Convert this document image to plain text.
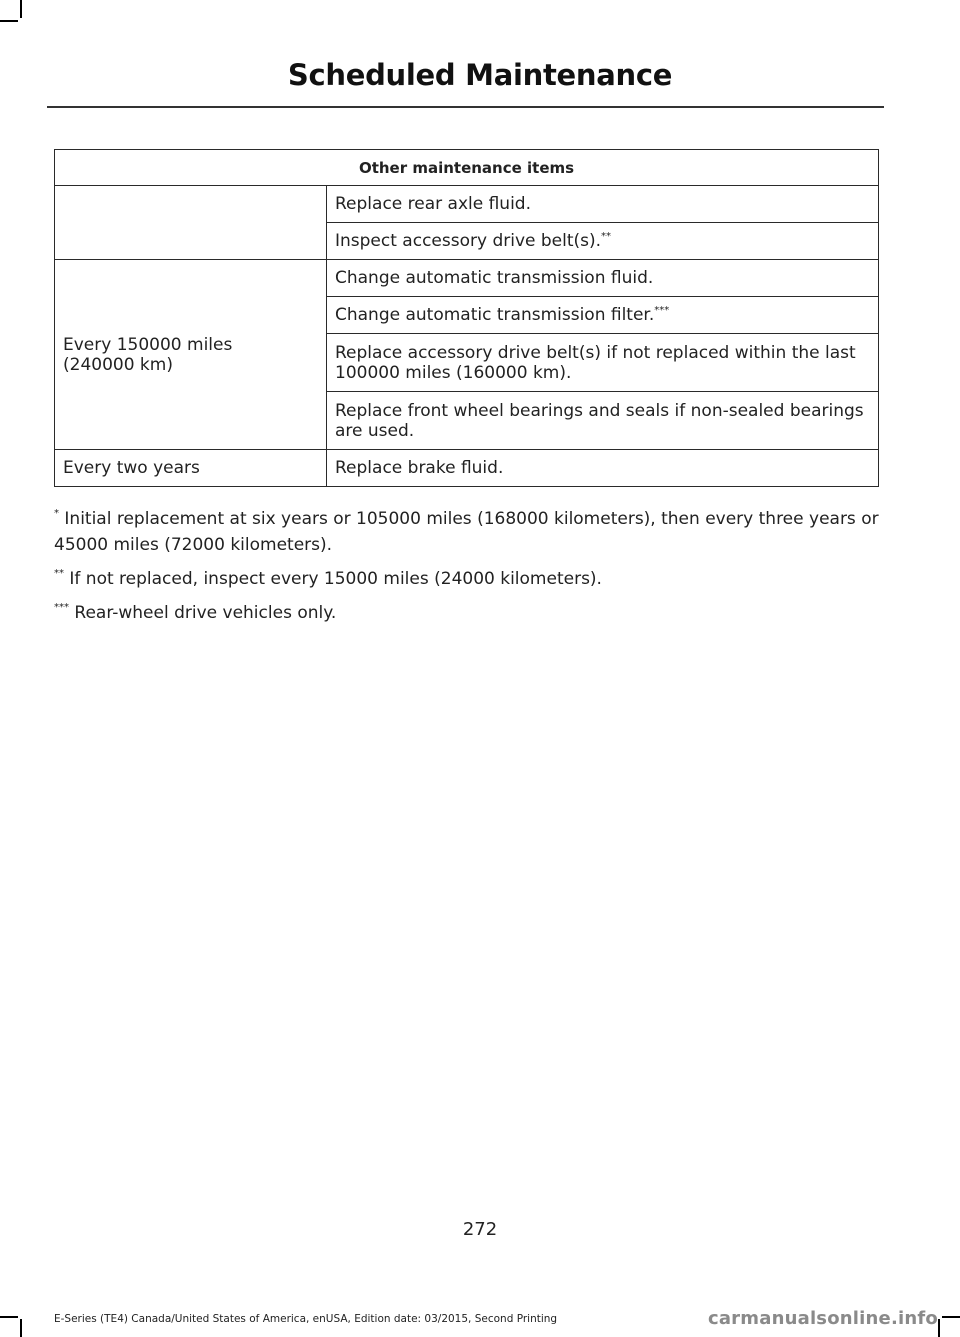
Scheduled Maintenance
Other maintenance items	
	Replace rear axle fluid.
	Inspect accessory drive belt(s).**
Every 150000 miles (240000 km)	Change automatic transmission fluid.
	Change automatic transmission filter.***
	Replace accessory drive belt(s) if not replaced within the last 100000 miles (160000 km).
	Replace front wheel bearings and seals if non-sealed bearings are used.
Every two years	Replace brake fluid.

* Initial replacement at six years or 105000 miles (168000 kilometers), then every three years or 45000 miles (72000 kilometers).

** If not replaced, inspect every 15000 miles (24000 kilometers).

*** Rear-wheel drive vehicles only.

272
E-Series (TE4) Canada/United States of America, enUSA, Edition date: 03/2015, Second Printing	carmanualsonline.info
